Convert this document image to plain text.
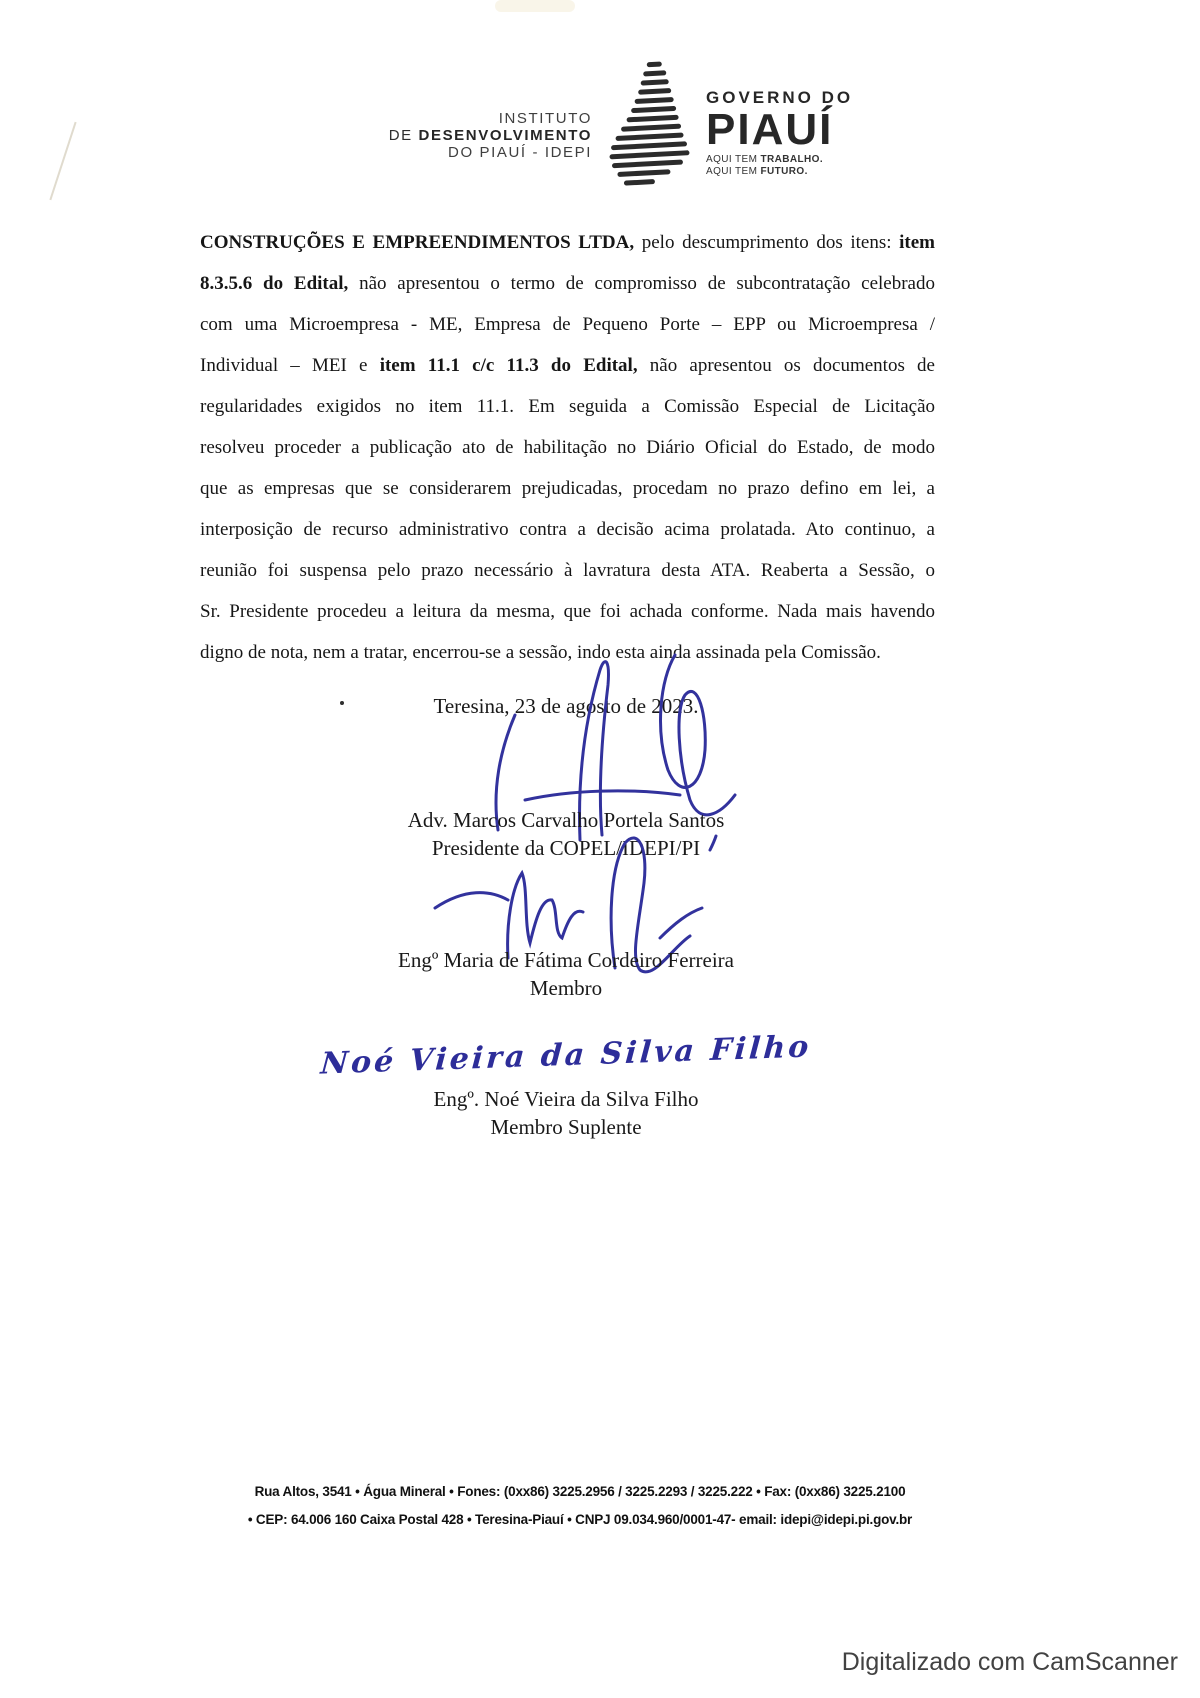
INSTITUTO
DE DESENVOLVIMENTO
DO PIAUÍ - IDEPI
GOVERNO DO
PIAUÍ
AQUI TEM TRABALHO.
AQUI TEM FUTURO.
CONSTRUÇÕES E EMPREENDIMENTOS LTDA, pelo descumprimento dos itens: item
8.3.5.6 do Edital, não apresentou o termo de compromisso de subcontratação celebrado
com uma Microempresa - ME, Empresa de Pequeno Porte – EPP ou Microempresa /
Individual – MEI e item 11.1 c/c 11.3 do Edital, não apresentou os documentos de
regularidades exigidos no item 11.1. Em seguida a Comissão Especial de Licitação
resolveu proceder a publicação ato de habilitação no Diário Oficial do Estado, de modo
que as empresas que se considerarem prejudicadas, procedam no prazo defino em lei, a
interposição de recurso administrativo contra a decisão acima prolatada. Ato continuo, a
reunião foi suspensa pelo prazo necessário à lavratura desta ATA. Reaberta a Sessão, o
Sr. Presidente procedeu a leitura da mesma, que foi achada conforme. Nada mais havendo
digno de nota, nem a tratar, encerrou-se a sessão, indo esta ainda assinada pela Comissão.
Teresina, 23 de agosto de 2023.
Adv. Marcos Carvalho Portela Santos
Presidente da COPEL/IDEPI/PI
Engº Maria de Fátima Cordeiro Ferreira
Membro
Noé Vieira da Silva Filho
Engº. Noé Vieira da Silva Filho
Membro Suplente
Rua Altos, 3541 • Água Mineral • Fones: (0xx86) 3225.2956 / 3225.2293 / 3225.222 • Fax: (0xx86) 3225.2100
• CEP: 64.006 160 Caixa Postal 428 • Teresina-Piauí • CNPJ 09.034.960/0001-47- email: idepi@idepi.pi.gov.br
Digitalizado com CamScanner
